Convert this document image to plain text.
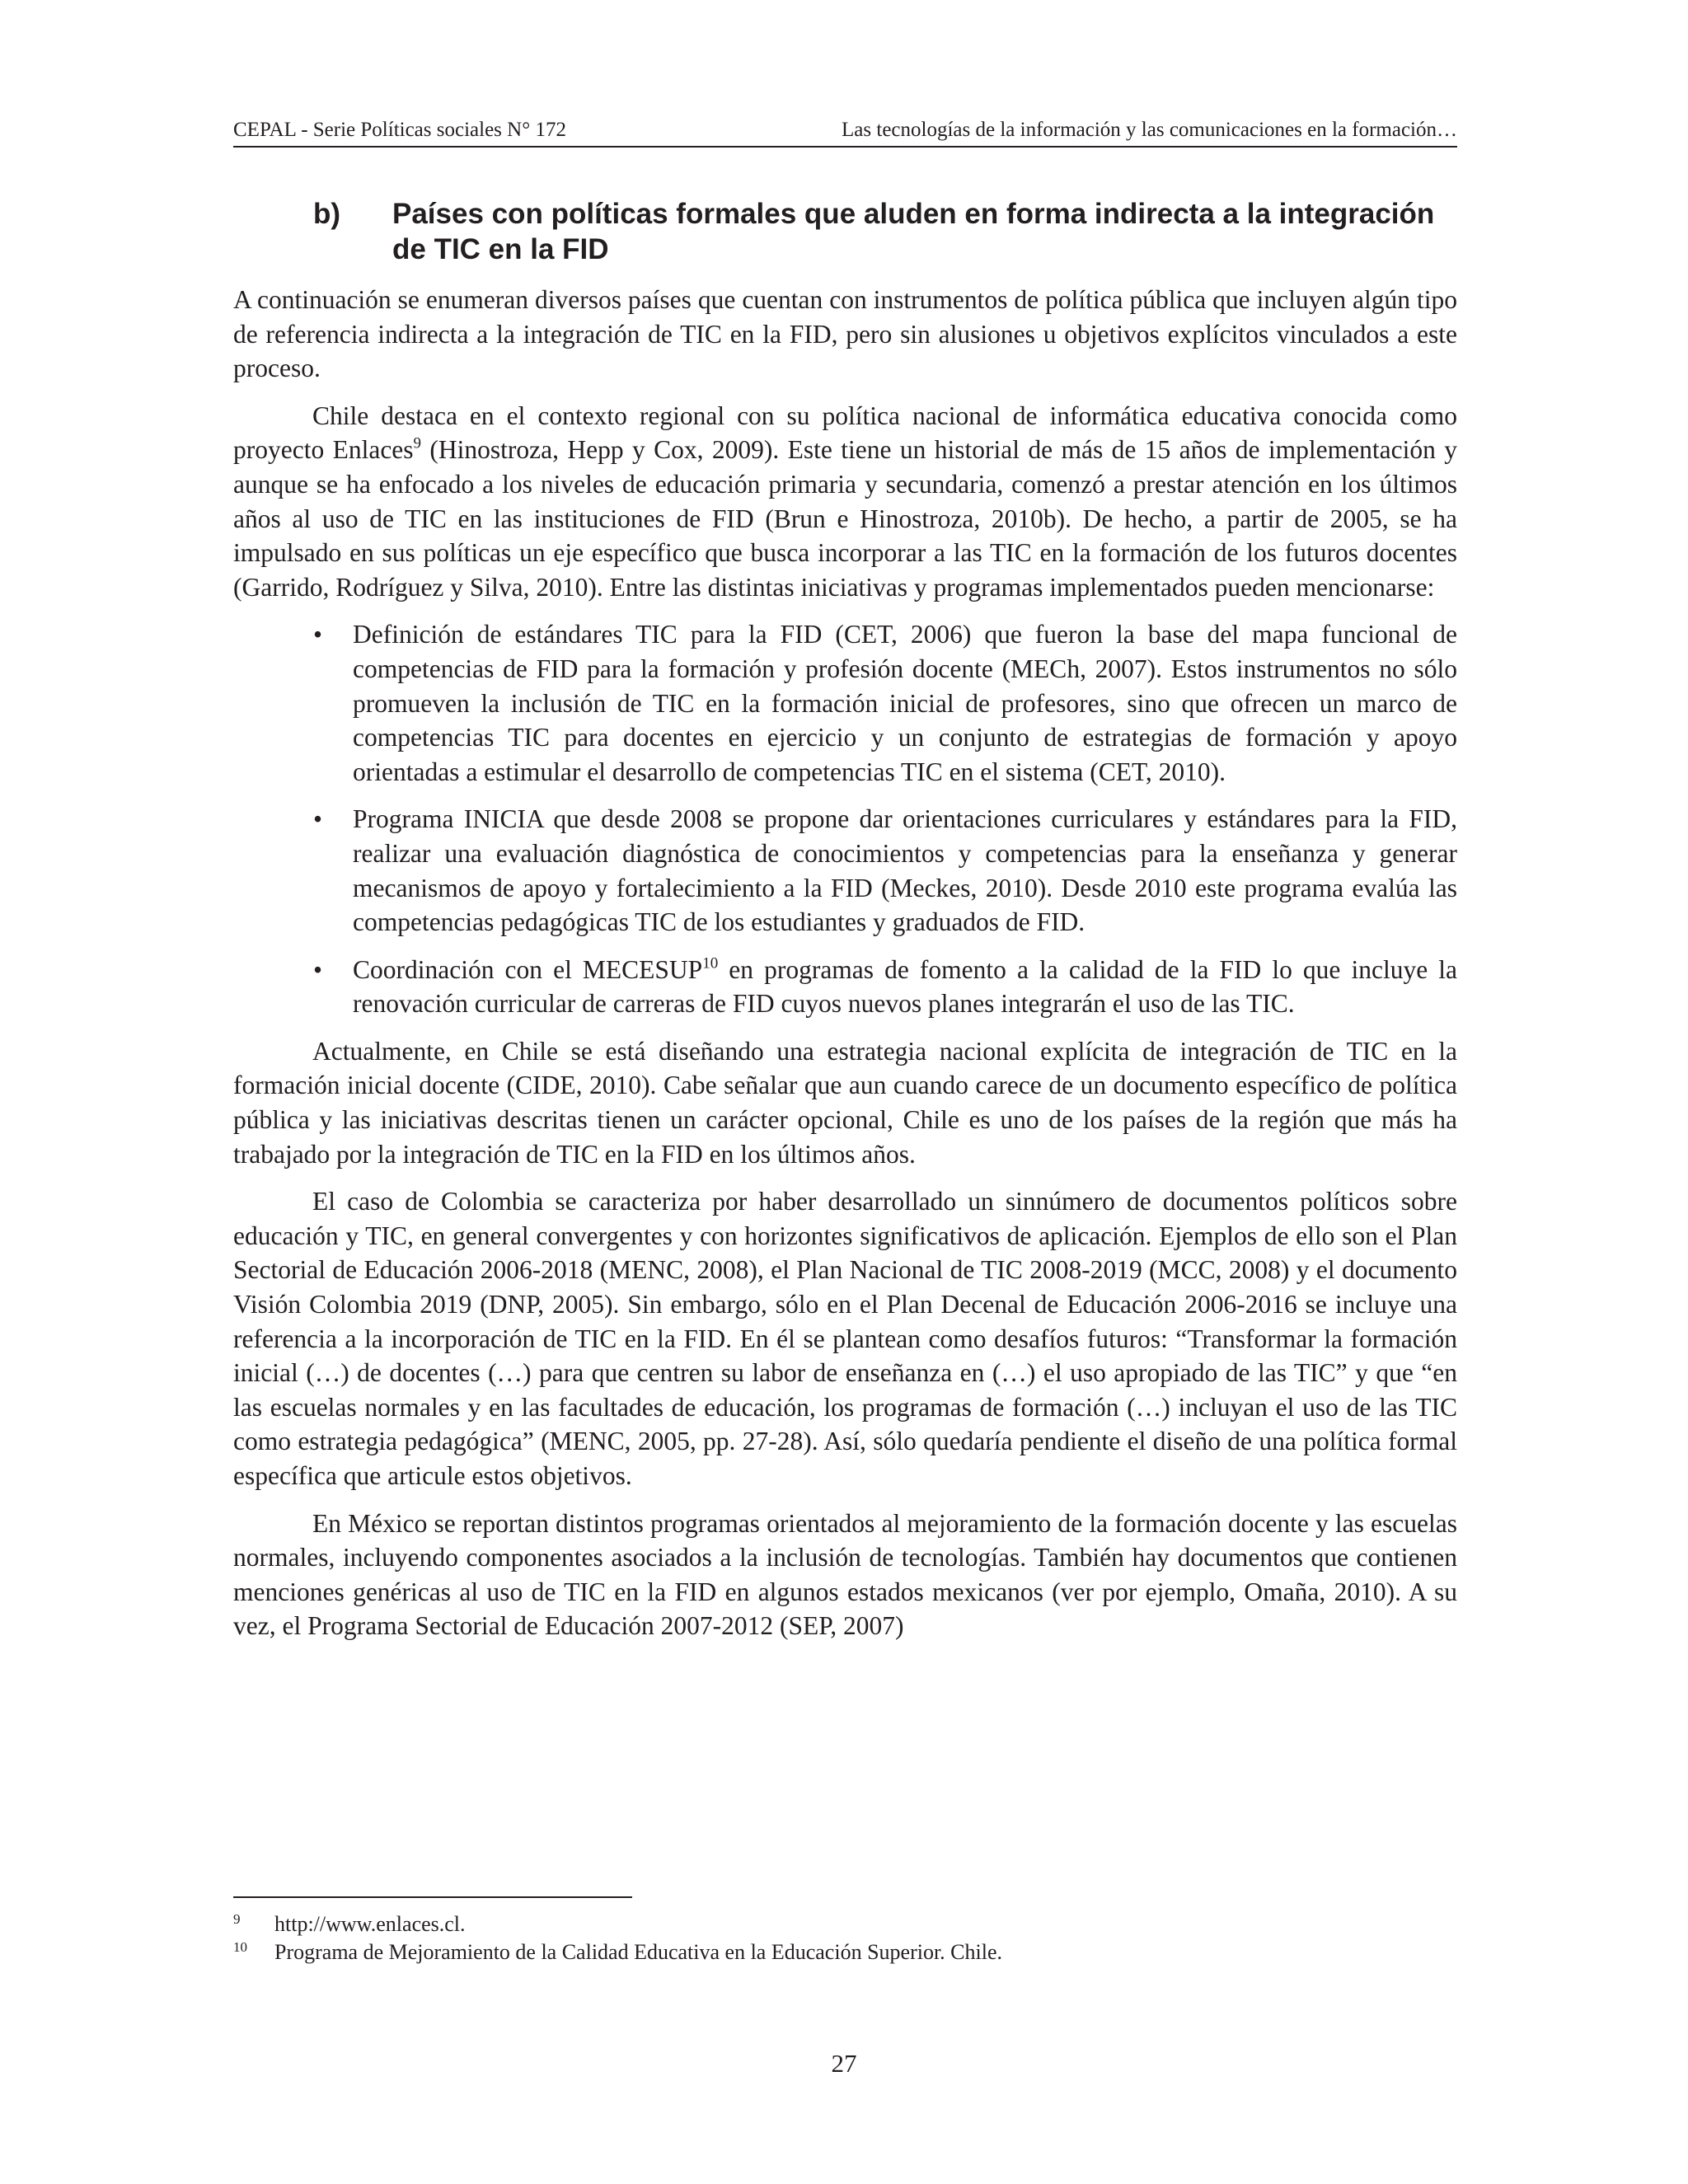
CEPAL - Serie Políticas sociales N° 172	Las tecnologías de la información y las comunicaciones en la formación…
b) Países con políticas formales que aluden en forma indirecta a la integración de TIC en la FID

A continuación se enumeran diversos países que cuentan con instrumentos de política pública que incluyen algún tipo de referencia indirecta a la integración de TIC en la FID, pero sin alusiones u objetivos explícitos vinculados a este proceso.

Chile destaca en el contexto regional con su política nacional de informática educativa conocida como proyecto Enlaces$^9$ (Hinostroza, Hepp y Cox, 2009). Este tiene un historial de más de 15 años de implementación y aunque se ha enfocado a los niveles de educación primaria y secundaria, comenzó a prestar atención en los últimos años al uso de TIC en las instituciones de FID (Brun e Hinostroza, 2010b). De hecho, a partir de 2005, se ha impulsado en sus políticas un eje específico que busca incorporar a las TIC en la formación de los futuros docentes (Garrido, Rodríguez y Silva, 2010). Entre las distintas iniciativas y programas implementados pueden mencionarse:

• Definición de estándares TIC para la FID (CET, 2006) que fueron la base del mapa funcional de competencias de FID para la formación y profesión docente (MECh, 2007). Estos instrumentos no sólo promueven la inclusión de TIC en la formación inicial de profesores, sino que ofrecen un marco de competencias TIC para docentes en ejercicio y un conjunto de estrategias de formación y apoyo orientadas a estimular el desarrollo de competencias TIC en el sistema (CET, 2010).
• Programa INICIA que desde 2008 se propone dar orientaciones curriculares y estándares para la FID, realizar una evaluación diagnóstica de conocimientos y competencias para la enseñanza y generar mecanismos de apoyo y fortalecimiento a la FID (Meckes, 2010). Desde 2010 este programa evalúa las competencias pedagógicas TIC de los estudiantes y graduados de FID.
• Coordinación con el MECESUP$^{10}$ en programas de fomento a la calidad de la FID lo que incluye la renovación curricular de carreras de FID cuyos nuevos planes integrarán el uso de las TIC.

Actualmente, en Chile se está diseñando una estrategia nacional explícita de integración de TIC en la formación inicial docente (CIDE, 2010). Cabe señalar que aun cuando carece de un documento específico de política pública y las iniciativas descritas tienen un carácter opcional, Chile es uno de los países de la región que más ha trabajado por la integración de TIC en la FID en los últimos años.

El caso de Colombia se caracteriza por haber desarrollado un sinnúmero de documentos políticos sobre educación y TIC, en general convergentes y con horizontes significativos de aplicación. Ejemplos de ello son el Plan Sectorial de Educación 2006-2018 (MENC, 2008), el Plan Nacional de TIC 2008-2019 (MCC, 2008) y el documento Visión Colombia 2019 (DNP, 2005). Sin embargo, sólo en el Plan Decenal de Educación 2006-2016 se incluye una referencia a la incorporación de TIC en la FID. En él se plantean como desafíos futuros: “Transformar la formación inicial (…) de docentes (…) para que centren su labor de enseñanza en (…) el uso apropiado de las TIC” y que “en las escuelas normales y en las facultades de educación, los programas de formación (…) incluyan el uso de las TIC como estrategia pedagógica” (MENC, 2005, pp. 27-28). Así, sólo quedaría pendiente el diseño de una política formal específica que articule estos objetivos.

En México se reportan distintos programas orientados al mejoramiento de la formación docente y las escuelas normales, incluyendo componentes asociados a la inclusión de tecnologías. También hay documentos que contienen menciones genéricas al uso de TIC en la FID en algunos estados mexicanos (ver por ejemplo, Omaña, 2010). A su vez, el Programa Sectorial de Educación 2007-2012 (SEP, 2007)

9 http://www.enlaces.cl.
10 Programa de Mejoramiento de la Calidad Educativa en la Educación Superior. Chile.
27
